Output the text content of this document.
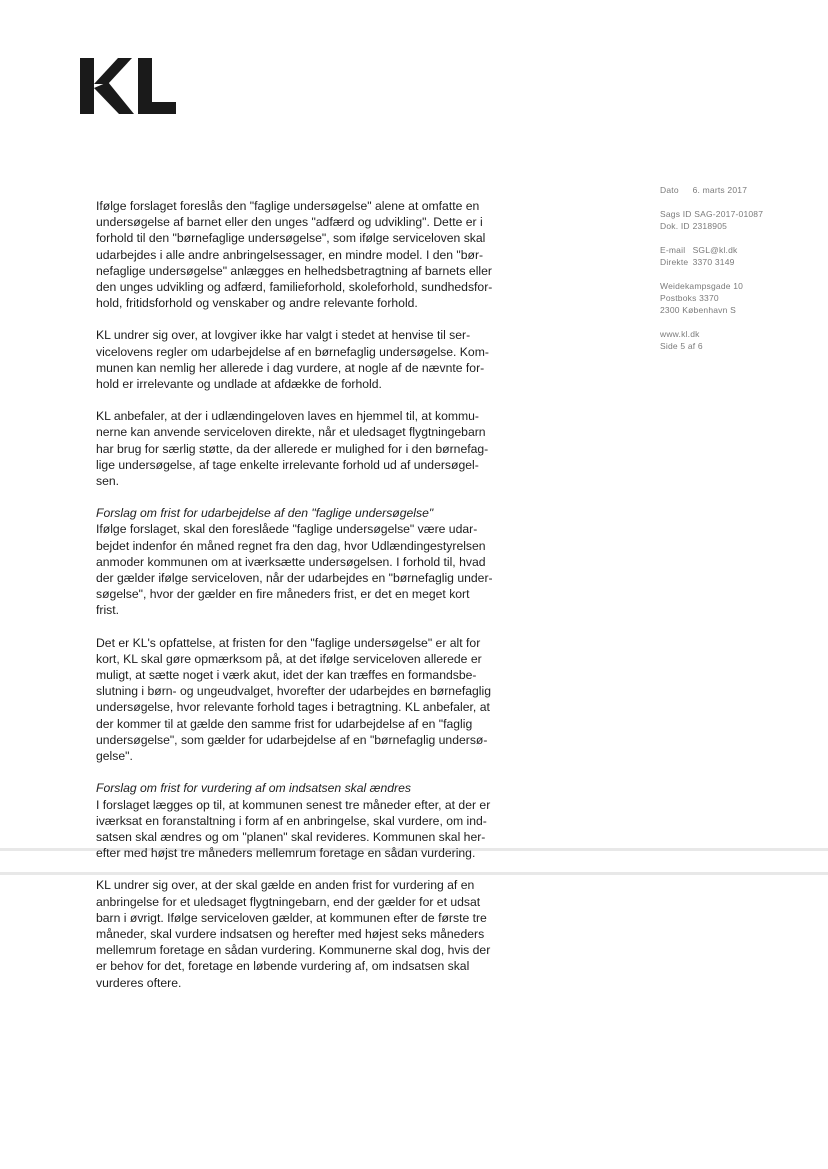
Dato 6. marts 2017
Sags ID SAG-2017-01087
Dok. ID 2318905
E-mail SGL@kl.dk
Direkte 3370 3149
Weidekampsgade 10
Postboks 3370
2300 København S
www.kl.dk
Side 5 af 6

Ifølge forslaget foreslås den "faglige undersøgelse" alene at omfatte en
undersøgelse af barnet eller den unges "adfærd og udvikling". Dette er i
forhold til den "børnefaglige undersøgelse", som ifølge serviceloven skal
udarbejdes i alle andre anbringelsessager, en mindre model. I den "bør-
nefaglige undersøgelse" anlægges en helhedsbetragtning af barnets eller
den unges udvikling og adfærd, familieforhold, skoleforhold, sundhedsfor-
hold, fritidsforhold og venskaber og andre relevante forhold.

KL undrer sig over, at lovgiver ikke har valgt i stedet at henvise til ser-
vicelovens regler om udarbejdelse af en børnefaglig undersøgelse. Kom-
munen kan nemlig her allerede i dag vurdere, at nogle af de nævnte for-
hold er irrelevante og undlade at afdække de forhold.

KL anbefaler, at der i udlændingeloven laves en hjemmel til, at kommu-
nerne kan anvende serviceloven direkte, når et uledsaget flygtningebarn
har brug for særlig støtte, da der allerede er mulighed for i den børnefag-
lige undersøgelse, af tage enkelte irrelevante forhold ud af undersøgel-
sen.

Forslag om frist for udarbejdelse af den "faglige undersøgelse"
Ifølge forslaget, skal den foreslåede "faglige undersøgelse" være udar-
bejdet indenfor én måned regnet fra den dag, hvor Udlændingestyrelsen
anmoder kommunen om at iværksætte undersøgelsen. I forhold til, hvad
der gælder ifølge serviceloven, når der udarbejdes en "børnefaglig under-
søgelse", hvor der gælder en fire måneders frist, er det en meget kort
frist.

Det er KL's opfattelse, at fristen for den "faglige undersøgelse" er alt for
kort, KL skal gøre opmærksom på, at det ifølge serviceloven allerede er
muligt, at sætte noget i værk akut, idet der kan træffes en formandsbe-
slutning i børn- og ungeudvalget, hvorefter der udarbejdes en børnefaglig
undersøgelse, hvor relevante forhold tages i betragtning. KL anbefaler, at
der kommer til at gælde den samme frist for udarbejdelse af en "faglig
undersøgelse", som gælder for udarbejdelse af en "børnefaglig undersø-
gelse".

Forslag om frist for vurdering af om indsatsen skal ændres
I forslaget lægges op til, at kommunen senest tre måneder efter, at der er
iværksat en foranstaltning i form af en anbringelse, skal vurdere, om ind-
satsen skal ændres og om "planen" skal revideres. Kommunen skal her-
efter med højst tre måneders mellemrum foretage en sådan vurdering.

KL undrer sig over, at der skal gælde en anden frist for vurdering af en
anbringelse for et uledsaget flygtningebarn, end der gælder for et udsat
barn i øvrigt. Ifølge serviceloven gælder, at kommunen efter de første tre
måneder, skal vurdere indsatsen og herefter med højest seks måneders
mellemrum foretage en sådan vurdering. Kommunerne skal dog, hvis der
er behov for det, foretage en løbende vurdering af, om indsatsen skal
vurderes oftere.
